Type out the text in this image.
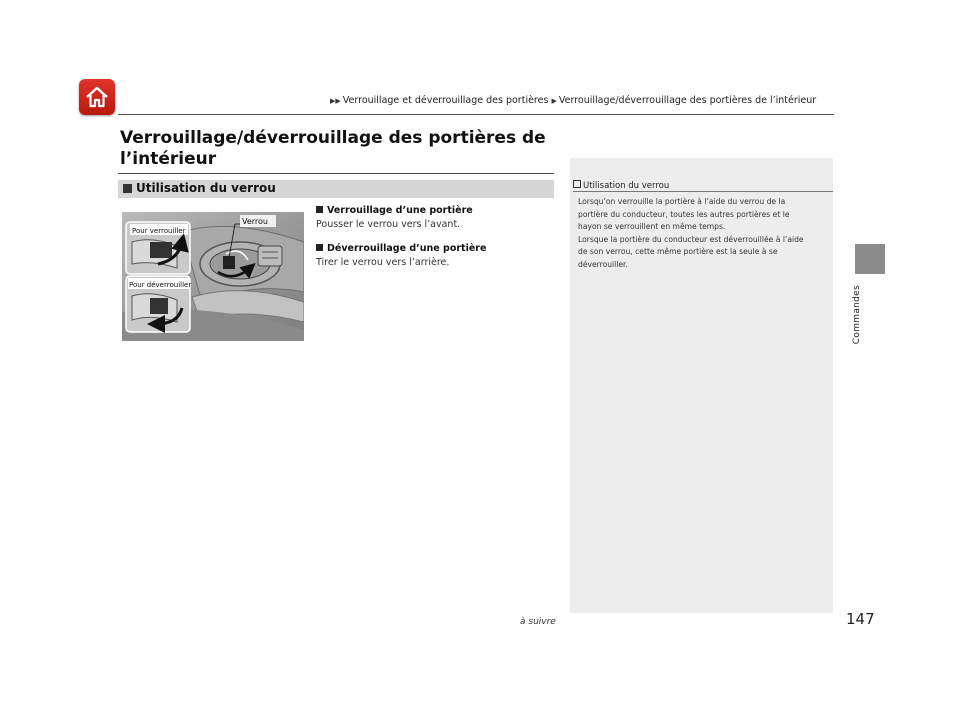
▶▶ Verrouillage et déverrouillage des portières ▶ Verrouillage/déverrouillage des portières de l’intérieur
Verrouillage/déverrouillage des portières de l’intérieur
Utilisation du verrou
Pour verrouiller
Pour déverrouiller
Verrou
Verrouillage d’une portière
Pousser le verrou vers l’avant.
Déverrouillage d’une portière
Tirer le verrou vers l’arrière.
Utilisation du verrou
Lorsqu’on verrouille la portière à l’aide du verrou de la
portière du conducteur, toutes les autres portières et le
hayon se verrouillent en même temps.
Lorsque la portière du conducteur est déverrouillée à l’aide
de son verrou, cette même portière est la seule à se
déverrouiller.
Commandes
à suivre	147
